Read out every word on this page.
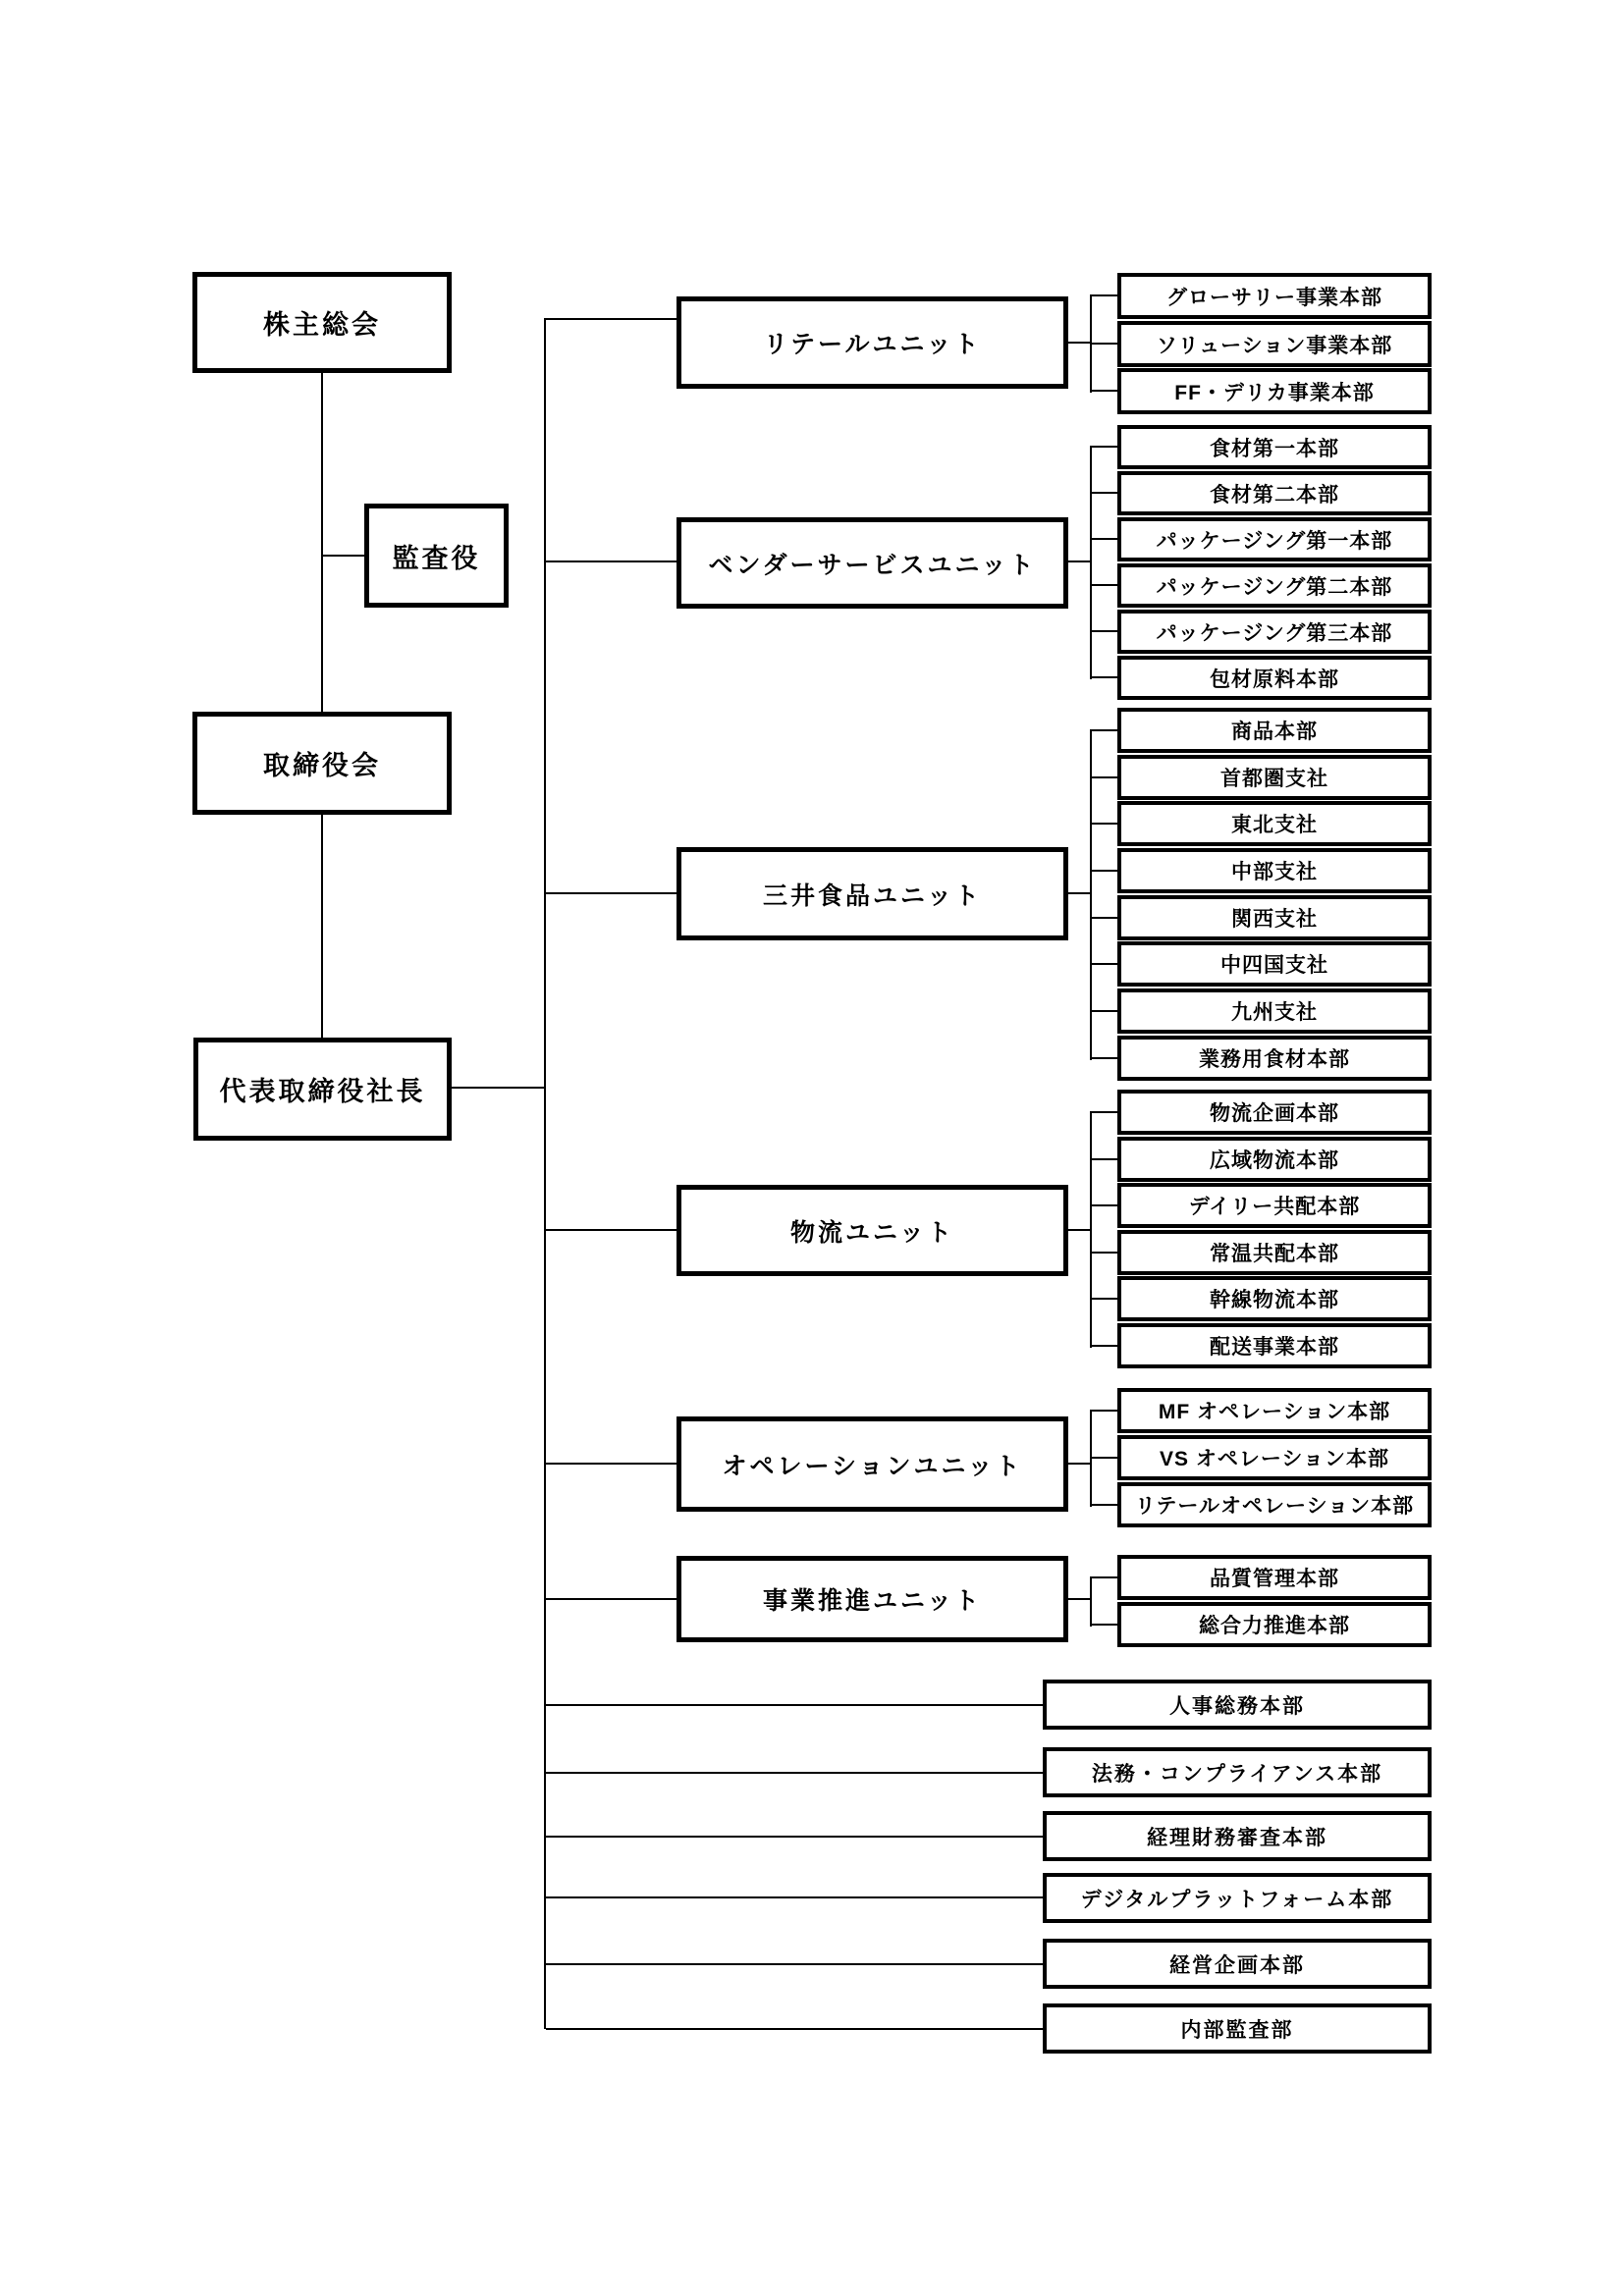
株主総会
監査役
取締役会
代表取締役社長
リテールユニット
ベンダーサービスユニット
三井食品ユニット
物流ユニット
オペレーションユニット
事業推進ユニット
グローサリー事業本部
ソリューション事業本部
FF・デリカ事業本部
食材第一本部
食材第二本部
パッケージング第一本部
パッケージング第二本部
パッケージング第三本部
包材原料本部
商品本部
首都圏支社
東北支社
中部支社
関西支社
中四国支社
九州支社
業務用食材本部
物流企画本部
広域物流本部
デイリー共配本部
常温共配本部
幹線物流本部
配送事業本部
MF オペレーション本部
VS オペレーション本部
リテールオペレーション本部
品質管理本部
総合力推進本部
人事総務本部
法務・コンプライアンス本部
経理財務審査本部
デジタルプラットフォーム本部
経営企画本部
内部監査部
